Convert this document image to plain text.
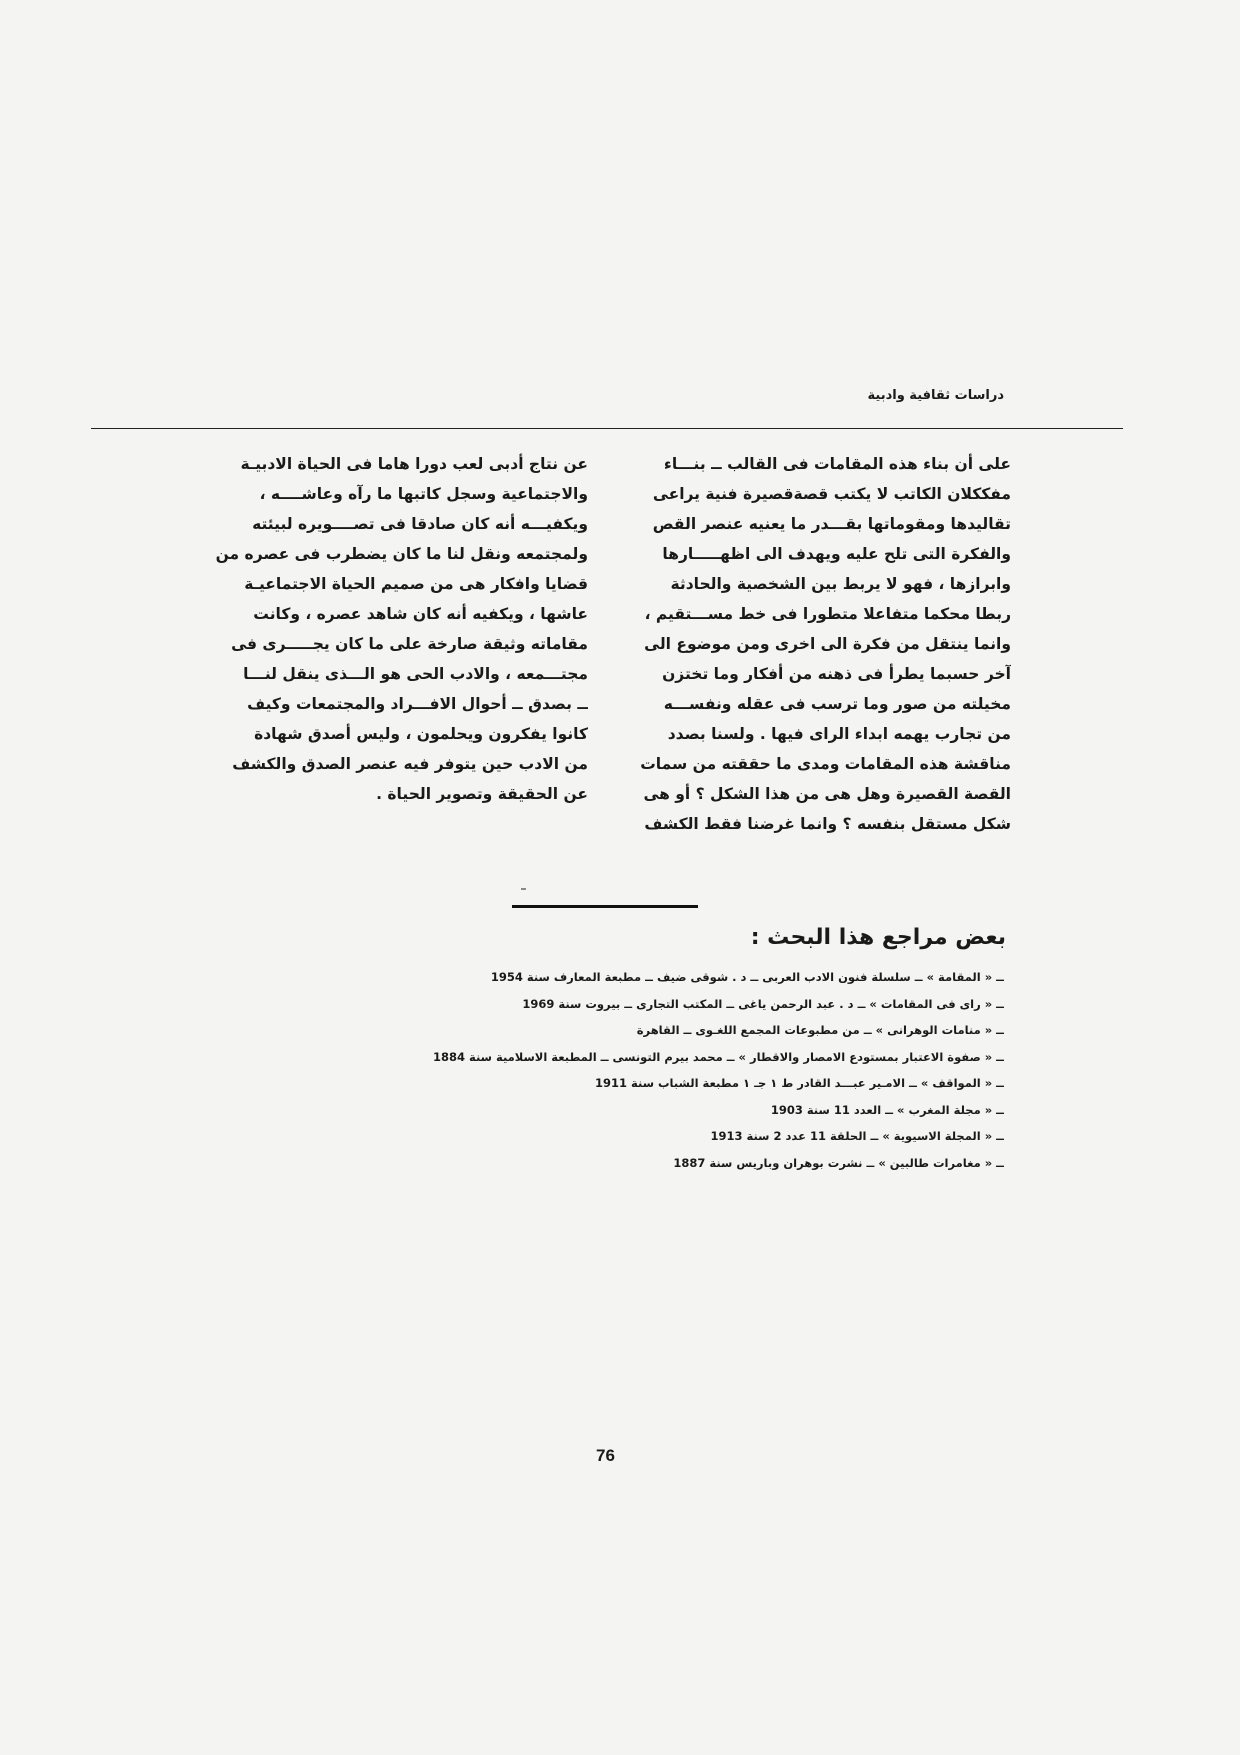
دراسات ثقافية وادبية
على أن بناء هذه المقامات فى القالب ــ بنـــاء
مفككلان الكاتب لا يكتب قصةقصيرة فنية يراعى
تقاليدها ومقوماتها بقـــدر ما يعنيه عنصر القص
والفكرة التى تلح عليه ويهدف الى اظهـــــارها
وابرازها ، فهو لا يربط بين الشخصية والحادثة
ربطا محكما متفاعلا متطورا فى خط مســـتقيم ،
وانما ينتقل من فكرة الى اخرى ومن موضوع الى
آخر حسبما يطرأ فى ذهنه من أفكار وما تختزن
مخيلته من صور وما ترسب فى عقله ونفســـه
من تجارب يهمه ابداء الراى فيها . ولسنا بصدد
مناقشة هذه المقامات ومدى ما حققته من سمات
القصة القصيرة وهل هى من هذا الشكل ؟ أو هى
شكل مستقل بنفسه ؟ وانما غرضنا فقط الكشف
عن نتاج أدبى لعب دورا هاما فى الحياة الادبيـة
والاجتماعية وسجل كاتبها ما رآه وعاشــــه ،
ويكفيـــه أنه كان صادقا فى تصــــويره لبيئته
ولمجتمعه ونقل لنا ما كان يضطرب فى عصره من
قضايا وافكار هى من صميم الحياة الاجتماعيـة
عاشها ، ويكفيه أنه كان شاهد عصره ، وكانت
مقاماته وثيقة صارخة على ما كان يجـــــرى فى
مجتـــمعه ، والادب الحى هو الـــذى ينقل لنـــا
ــ بصدق ــ أحوال الافـــراد والمجتمعات وكيف
كانوا يفكرون ويحلمون ، وليس أصدق شهادة
من الادب حين يتوفر فيه عنصر الصدق والكشف
عن الحقيقة وتصوير الحياة .
بعض مراجع هذا البحث :
ــ « المقامة » ــ سلسلة فنون الادب العربى ــ د . شوقى ضيف ــ مطبعة المعارف سنة 1954
ــ « راى فى المقامات » ــ د . عبد الرحمن ياغى ــ المكتب التجارى ــ بيروت سنة 1969
ــ « منامات الوهرانى » ــ من مطبوعات المجمع اللغـوى ــ القاهرة
ــ « صفوة الاعتبار بمستودع الامصار والاقطار » ــ محمد بيرم التونسى ــ المطبعة الاسلامية سنة 1884
ــ « المواقف » ــ الامـير عبـــد القادر ط ١ جـ ١ مطبعة الشباب سنة 1911
ــ « مجلة المغرب » ــ العدد 11 سنة 1903
ــ « المجلة الاسيوية » ــ الحلقة 11 عدد 2 سنة 1913
ــ « مغامرات طالبين » ــ نشرت بوهران وباريس سنة 1887
76
